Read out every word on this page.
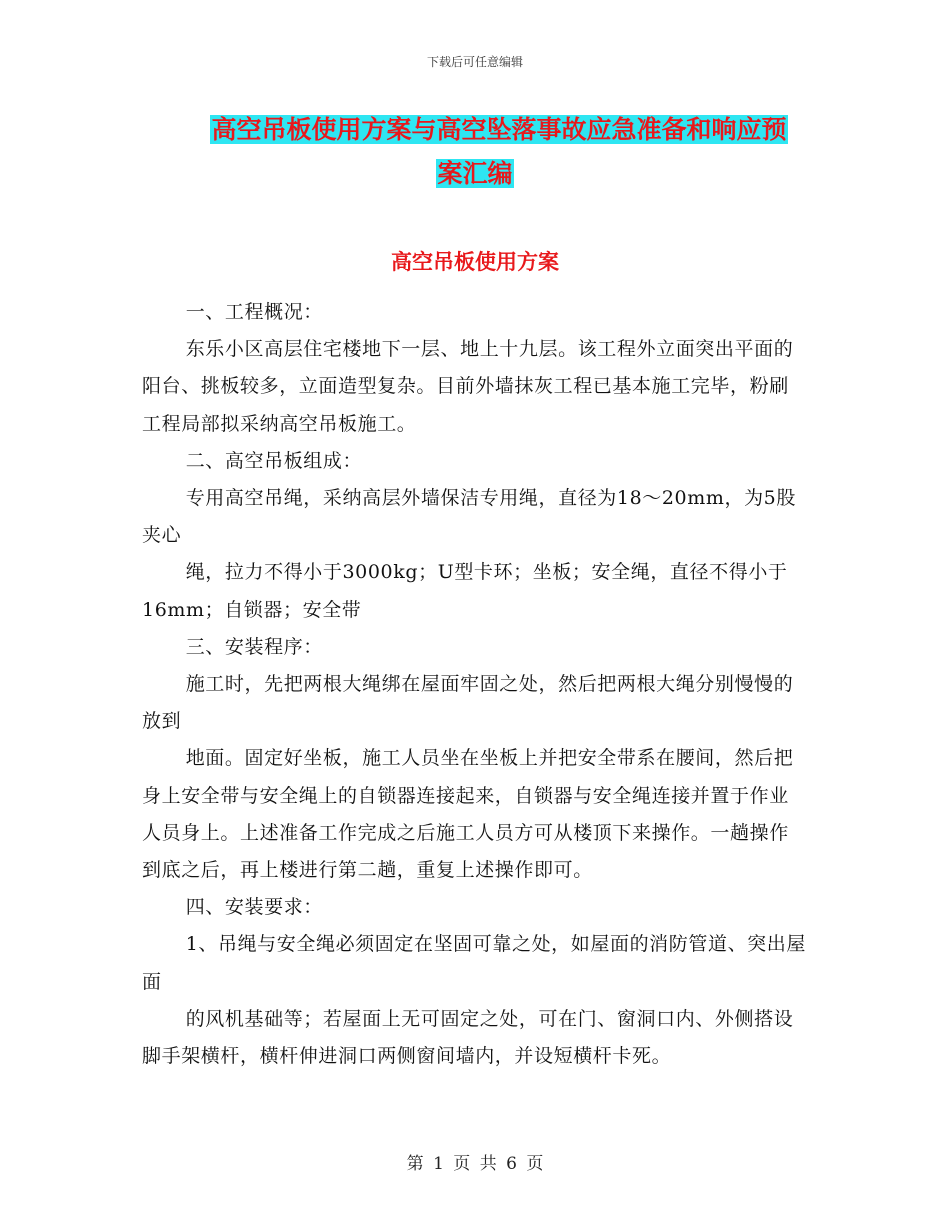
下载后可任意编辑
高空吊板使用方案与高空坠落事故应急准备和响应预
案汇编
高空吊板使用方案

一、工程概况：

东乐小区高层住宅楼地下一层、地上十九层。该工程外立面突出平面的阳台、挑板较多，立面造型复杂。目前外墙抹灰工程已基本施工完毕，粉刷工程局部拟采纳高空吊板施工。

二、高空吊板组成：

专用高空吊绳，采纳高层外墙保洁专用绳，直径为18～20mm，为5股夹心

绳，拉力不得小于3000kg；U型卡环；坐板；安全绳，直径不得小于16mm；自锁器；安全带

三、安装程序：

施工时，先把两根大绳绑在屋面牢固之处，然后把两根大绳分别慢慢的放到

地面。固定好坐板，施工人员坐在坐板上并把安全带系在腰间，然后把身上安全带与安全绳上的自锁器连接起来，自锁器与安全绳连接并置于作业人员身上。上述准备工作完成之后施工人员方可从楼顶下来操作。一趟操作到底之后，再上楼进行第二趟，重复上述操作即可。

四、安装要求：

1、吊绳与安全绳必须固定在坚固可靠之处，如屋面的消防管道、突出屋面

的风机基础等；若屋面上无可固定之处，可在门、窗洞口内、外侧搭设脚手架横杆，横杆伸进洞口两侧窗间墙内，并设短横杆卡死。

第 1 页 共 6 页
